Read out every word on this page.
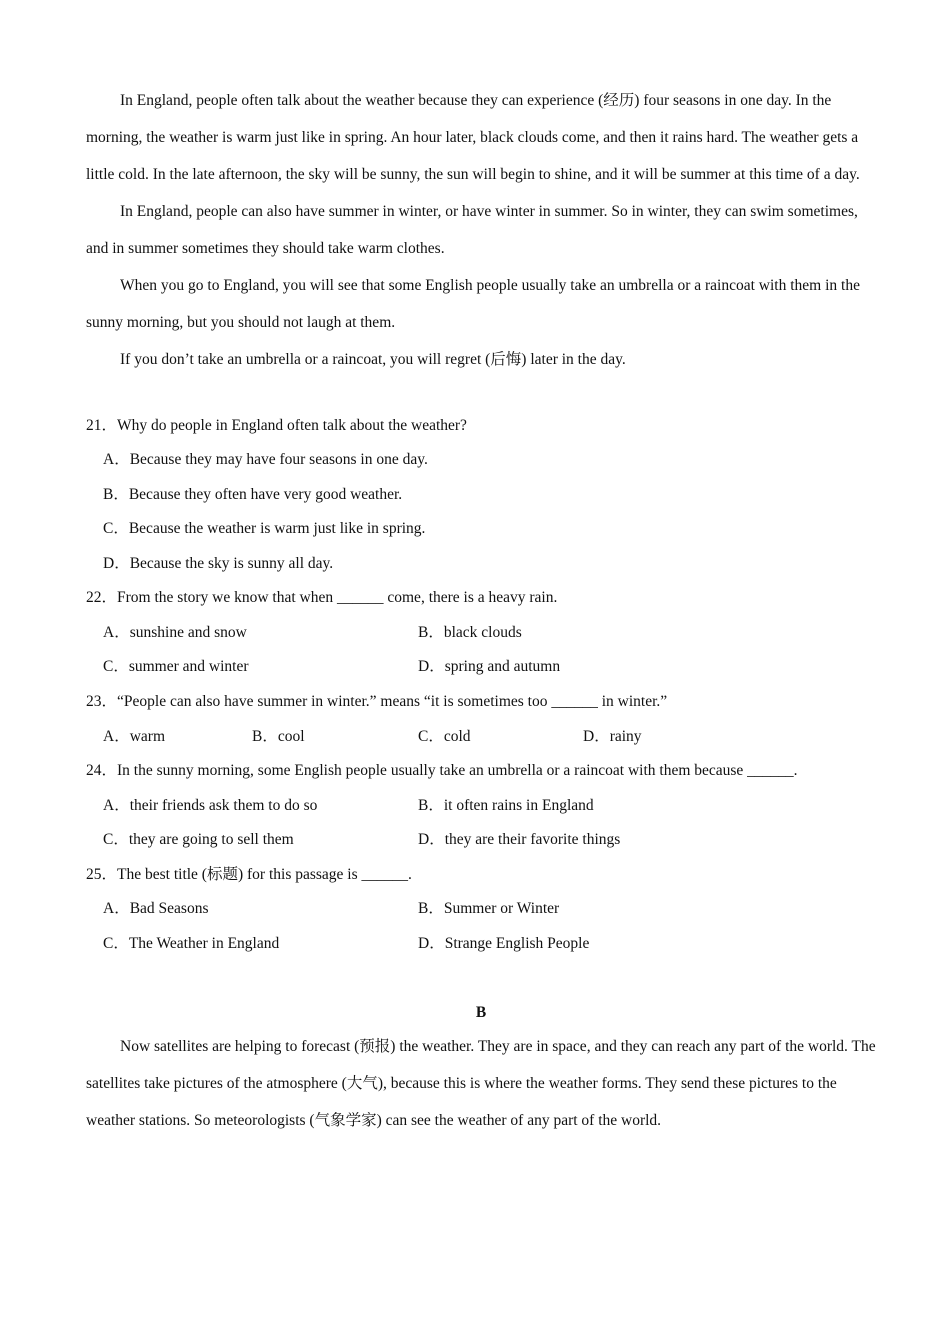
In England, people often talk about the weather because they can experience (经历) four seasons in one day. In the morning, the weather is warm just like in spring. An hour later, black clouds come, and then it rains hard. The weather gets a little cold. In the late afternoon, the sky will be sunny, the sun will begin to shine, and it will be summer at this time of a day.

In England, people can also have summer in winter, or have winter in summer. So in winter, they can swim sometimes, and in summer sometimes they should take warm clothes.

When you go to England, you will see that some English people usually take an umbrella or a raincoat with them in the sunny morning, but you should not laugh at them.

If you don’t take an umbrella or a raincoat, you will regret (后悔) later in the day.

21．Why do people in England often talk about the weather?
A．Because they may have four seasons in one day.
B．Because they often have very good weather.
C．Because the weather is warm just like in spring.
D．Because the sky is sunny all day.
22．From the story we know that when ______ come, there is a heavy rain.
A．sunshine and snow	B．black clouds
C．summer and winter	D．spring and autumn
23．“People can also have summer in winter.” means “it is sometimes too ______ in winter.”
A．warm	B．cool	C．cold	D．rainy
24．In the sunny morning, some English people usually take an umbrella or a raincoat with them because ______.
A．their friends ask them to do so	B．it often rains in England
C．they are going to sell them	D．they are their favorite things
25．The best title (标题) for this passage is ______.
A．Bad Seasons	B．Summer or Winter
C．The Weather in England	D．Strange English People
B

Now satellites are helping to forecast (预报) the weather. They are in space, and they can reach any part of the world. The satellites take pictures of the atmosphere (大气), because this is where the weather forms. They send these pictures to the weather stations. So meteorologists (气象学家) can see the weather of any part of the world.
